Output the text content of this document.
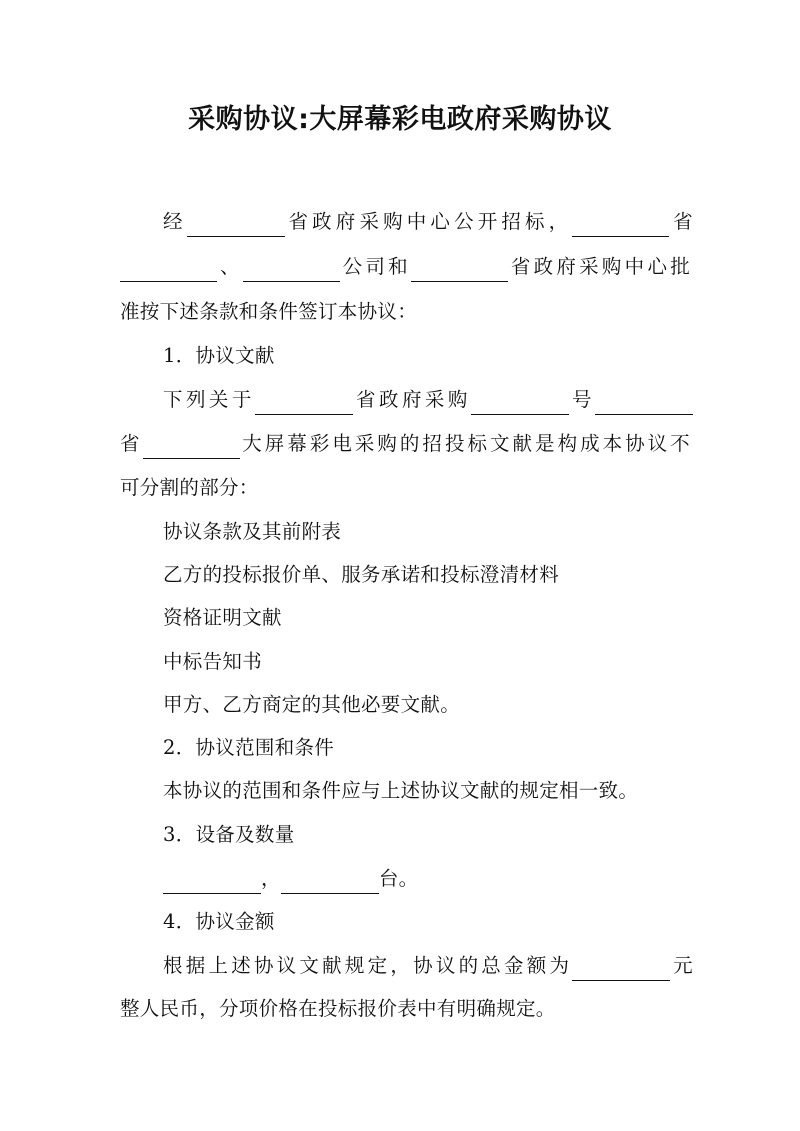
采购协议:大屏幕彩电政府采购协议
经	省政府采购中心公开招标，	省
、	公司和	省政府采购中心批
准按下述条款和条件签订本协议：
1．协议文献
下列关于	省政府采购	号
省	大屏幕彩电采购的招投标文献是构成本协议不
可分割的部分：
协议条款及其前附表
乙方的投标报价单、服务承诺和投标澄清材料
资格证明文献
中标告知书
甲方、乙方商定的其他必要文献。
2．协议范围和条件
本协议的范围和条件应与上述协议文献的规定相一致。
3．设备及数量
，	台。
4．协议金额
根据上述协议文献规定，协议的总金额为	元
整人民币，分项价格在投标报价表中有明确规定。
